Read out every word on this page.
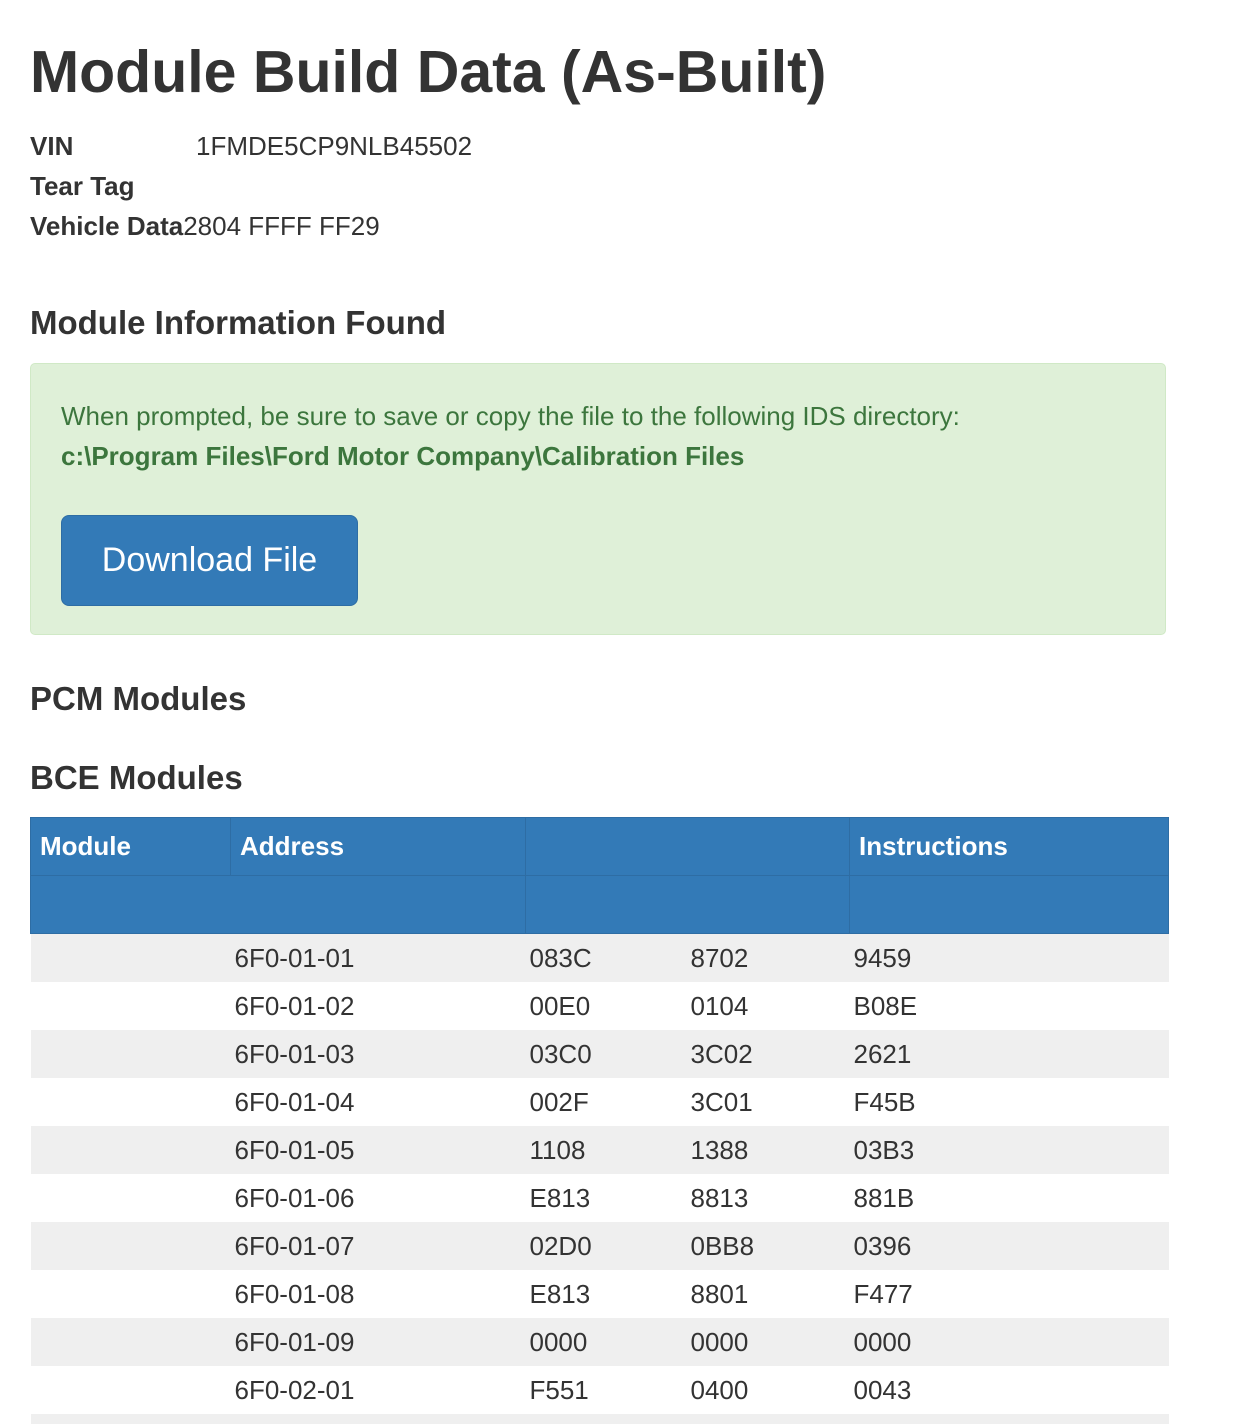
Module Build Data (As-Built)
VIN	1FMDE5CP9NLB45502
Tear Tag
Vehicle Data 2804 FFFF FF29
Module Information Found
When prompted, be sure to save or copy the file to the following IDS directory:
c:\Program Files\Ford Motor Company\Calibration Files
Download File
PCM Modules
BCE Modules
Module	Address			Instructions

	6F0-01-01	083C	8702	9459
	6F0-01-02	00E0	0104	B08E
	6F0-01-03	03C0	3C02	2621
	6F0-01-04	002F	3C01	F45B
	6F0-01-05	1108	1388	03B3
	6F0-01-06	E813	8813	881B
	6F0-01-07	02D0	0BB8	0396
	6F0-01-08	E813	8801	F477
	6F0-01-09	0000	0000	0000
	6F0-02-01	F551	0400	0043
